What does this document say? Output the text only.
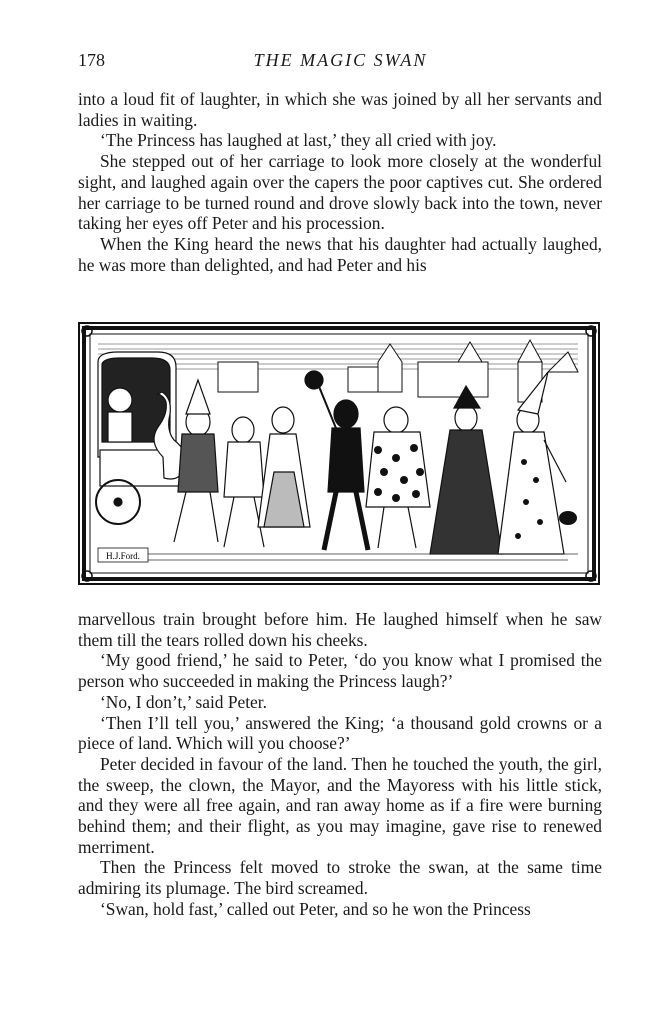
178	THE MAGIC SWAN

into a loud fit of laughter, in which she was joined by all her servants and ladies in waiting.

‘The Princess has laughed at last,’ they all cried with joy.

She stepped out of her carriage to look more closely at the wonderful sight, and laughed again over the capers the poor captives cut. She ordered her carriage to be turned round and drove slowly back into the town, never taking her eyes off Peter and his procession.

When the King heard the news that his daughter had actually laughed, he was more than delighted, and had Peter and his

H.J.Ford.

marvellous train brought before him. He laughed himself when he saw them till the tears rolled down his cheeks.

‘My good friend,’ he said to Peter, ‘do you know what I promised the person who succeeded in making the Princess laugh?’

‘No, I don’t,’ said Peter.

‘Then I’ll tell you,’ answered the King; ‘a thousand gold crowns or a piece of land. Which will you choose?’

Peter decided in favour of the land. Then he touched the youth, the girl, the sweep, the clown, the Mayor, and the Mayoress with his little stick, and they were all free again, and ran away home as if a fire were burning behind them; and their flight, as you may imagine, gave rise to renewed merriment.

Then the Princess felt moved to stroke the swan, at the same time admiring its plumage. The bird screamed.

‘Swan, hold fast,’ called out Peter, and so he won the Princess
